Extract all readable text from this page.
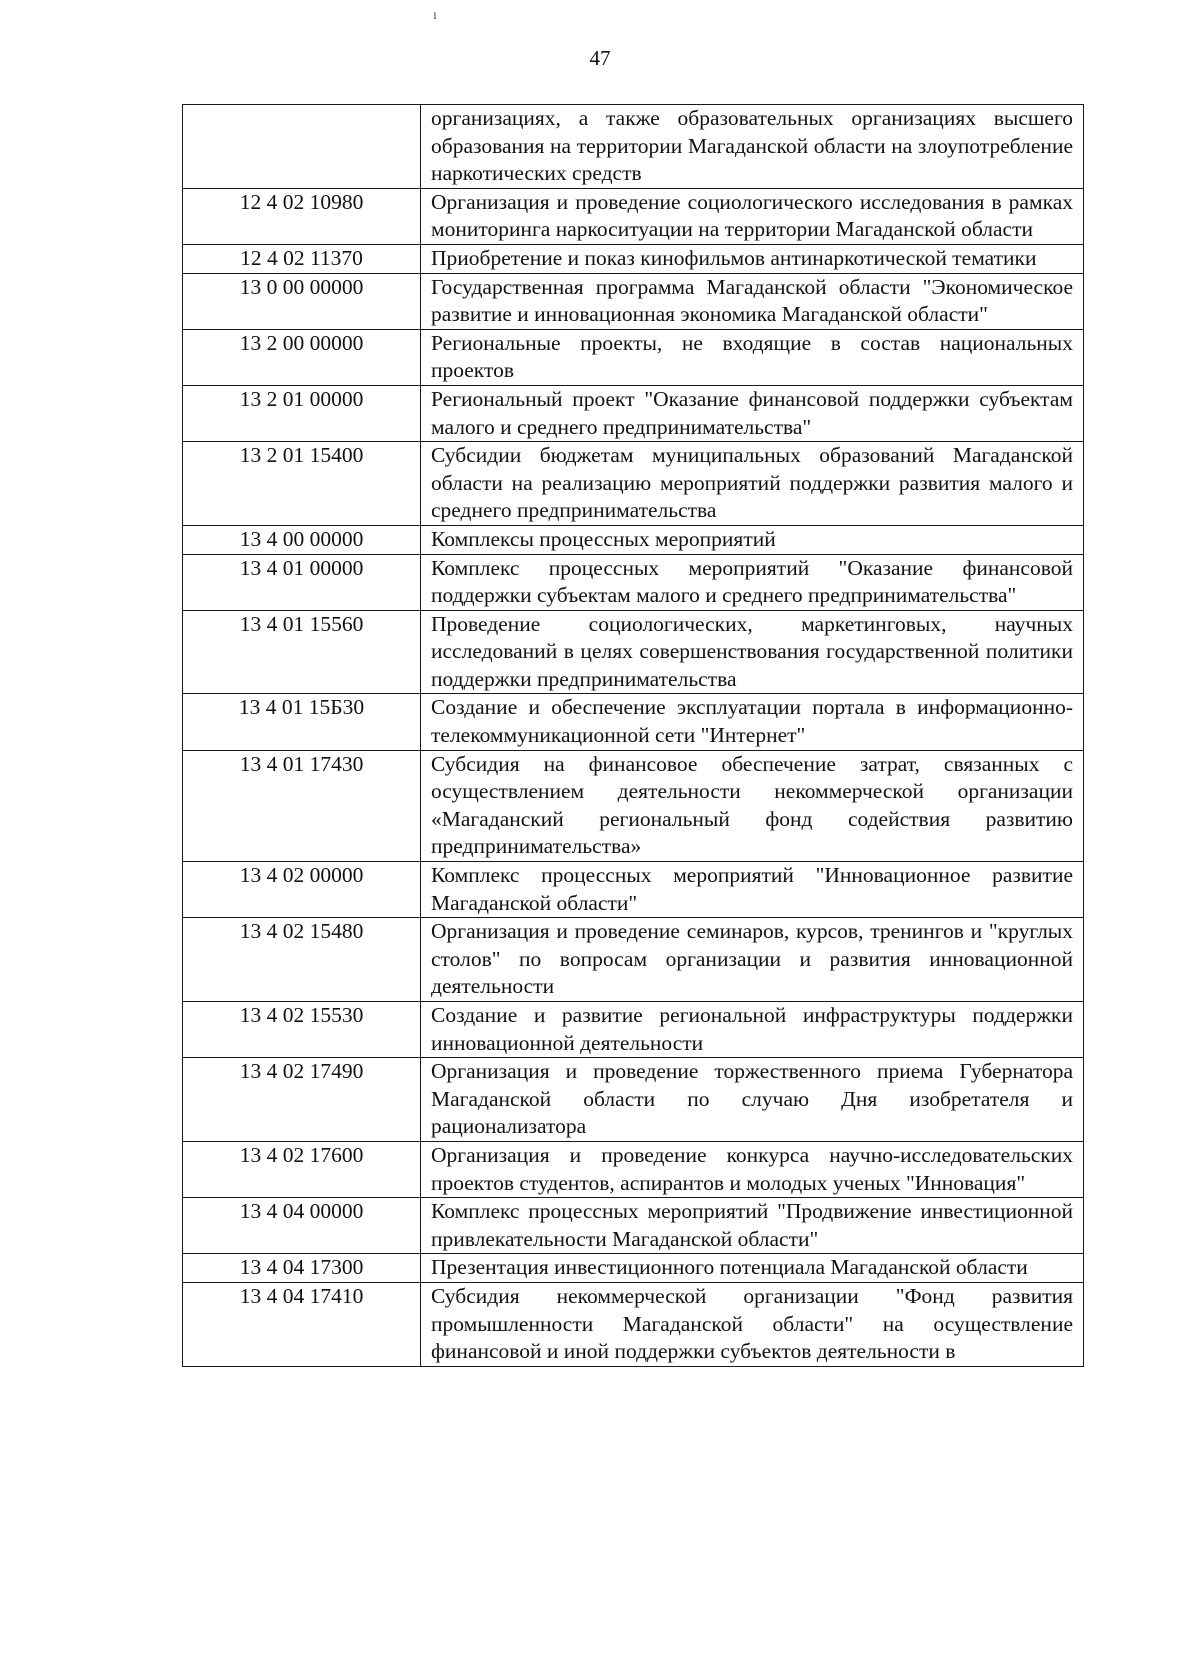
ı
47
	организациях, а также образовательных организациях высшего образования на территории Магаданской области на злоупотребление наркотических средств
12 4 02 10980	Организация и проведение социологического исследования в рамках мониторинга наркоситуации на территории Магаданской области
12 4 02 11370	Приобретение и показ кинофильмов антинаркотической тематики
13 0 00 00000	Государственная программа Магаданской области "Экономическое развитие и инновационная экономика Магаданской области"
13 2 00 00000	Региональные проекты, не входящие в состав национальных проектов
13 2 01 00000	Региональный проект "Оказание финансовой поддержки субъектам малого и среднего предпринимательства"
13 2 01 15400	Субсидии бюджетам муниципальных образований Магаданской области на реализацию мероприятий поддержки развития малого и среднего предпринимательства
13 4 00 00000	Комплексы процессных мероприятий
13 4 01 00000	Комплекс процессных мероприятий "Оказание финансовой поддержки субъектам малого и среднего предпринимательства"
13 4 01 15560	Проведение социологических, маркетинговых, научных исследований в целях совершенствования государственной политики поддержки предпринимательства
13 4 01 15Б30	Создание и обеспечение эксплуатации портала в информационно-телекоммуникационной сети "Интернет"
13 4 01 17430	Субсидия на финансовое обеспечение затрат, связанных с осуществлением деятельности некоммерческой организации «Магаданский региональный фонд содействия развитию предпринимательства»
13 4 02 00000	Комплекс процессных мероприятий "Инновационное развитие Магаданской области"
13 4 02 15480	Организация и проведение семинаров, курсов, тренингов и "круглых столов" по вопросам организации и развития инновационной деятельности
13 4 02 15530	Создание и развитие региональной инфраструктуры поддержки инновационной деятельности
13 4 02 17490	Организация и проведение торжественного приема Губернатора Магаданской области по случаю Дня изобретателя и рационализатора
13 4 02 17600	Организация и проведение конкурса научно-исследовательских проектов студентов, аспирантов и молодых ученых "Инновация"
13 4 04 00000	Комплекс процессных мероприятий "Продвижение инвестиционной привлекательности Магаданской области"
13 4 04 17300	Презентация инвестиционного потенциала Магаданской области
13 4 04 17410	Субсидия некоммерческой организации "Фонд развития промышленности Магаданской области" на осуществление финансовой и иной поддержки субъектов деятельности в
